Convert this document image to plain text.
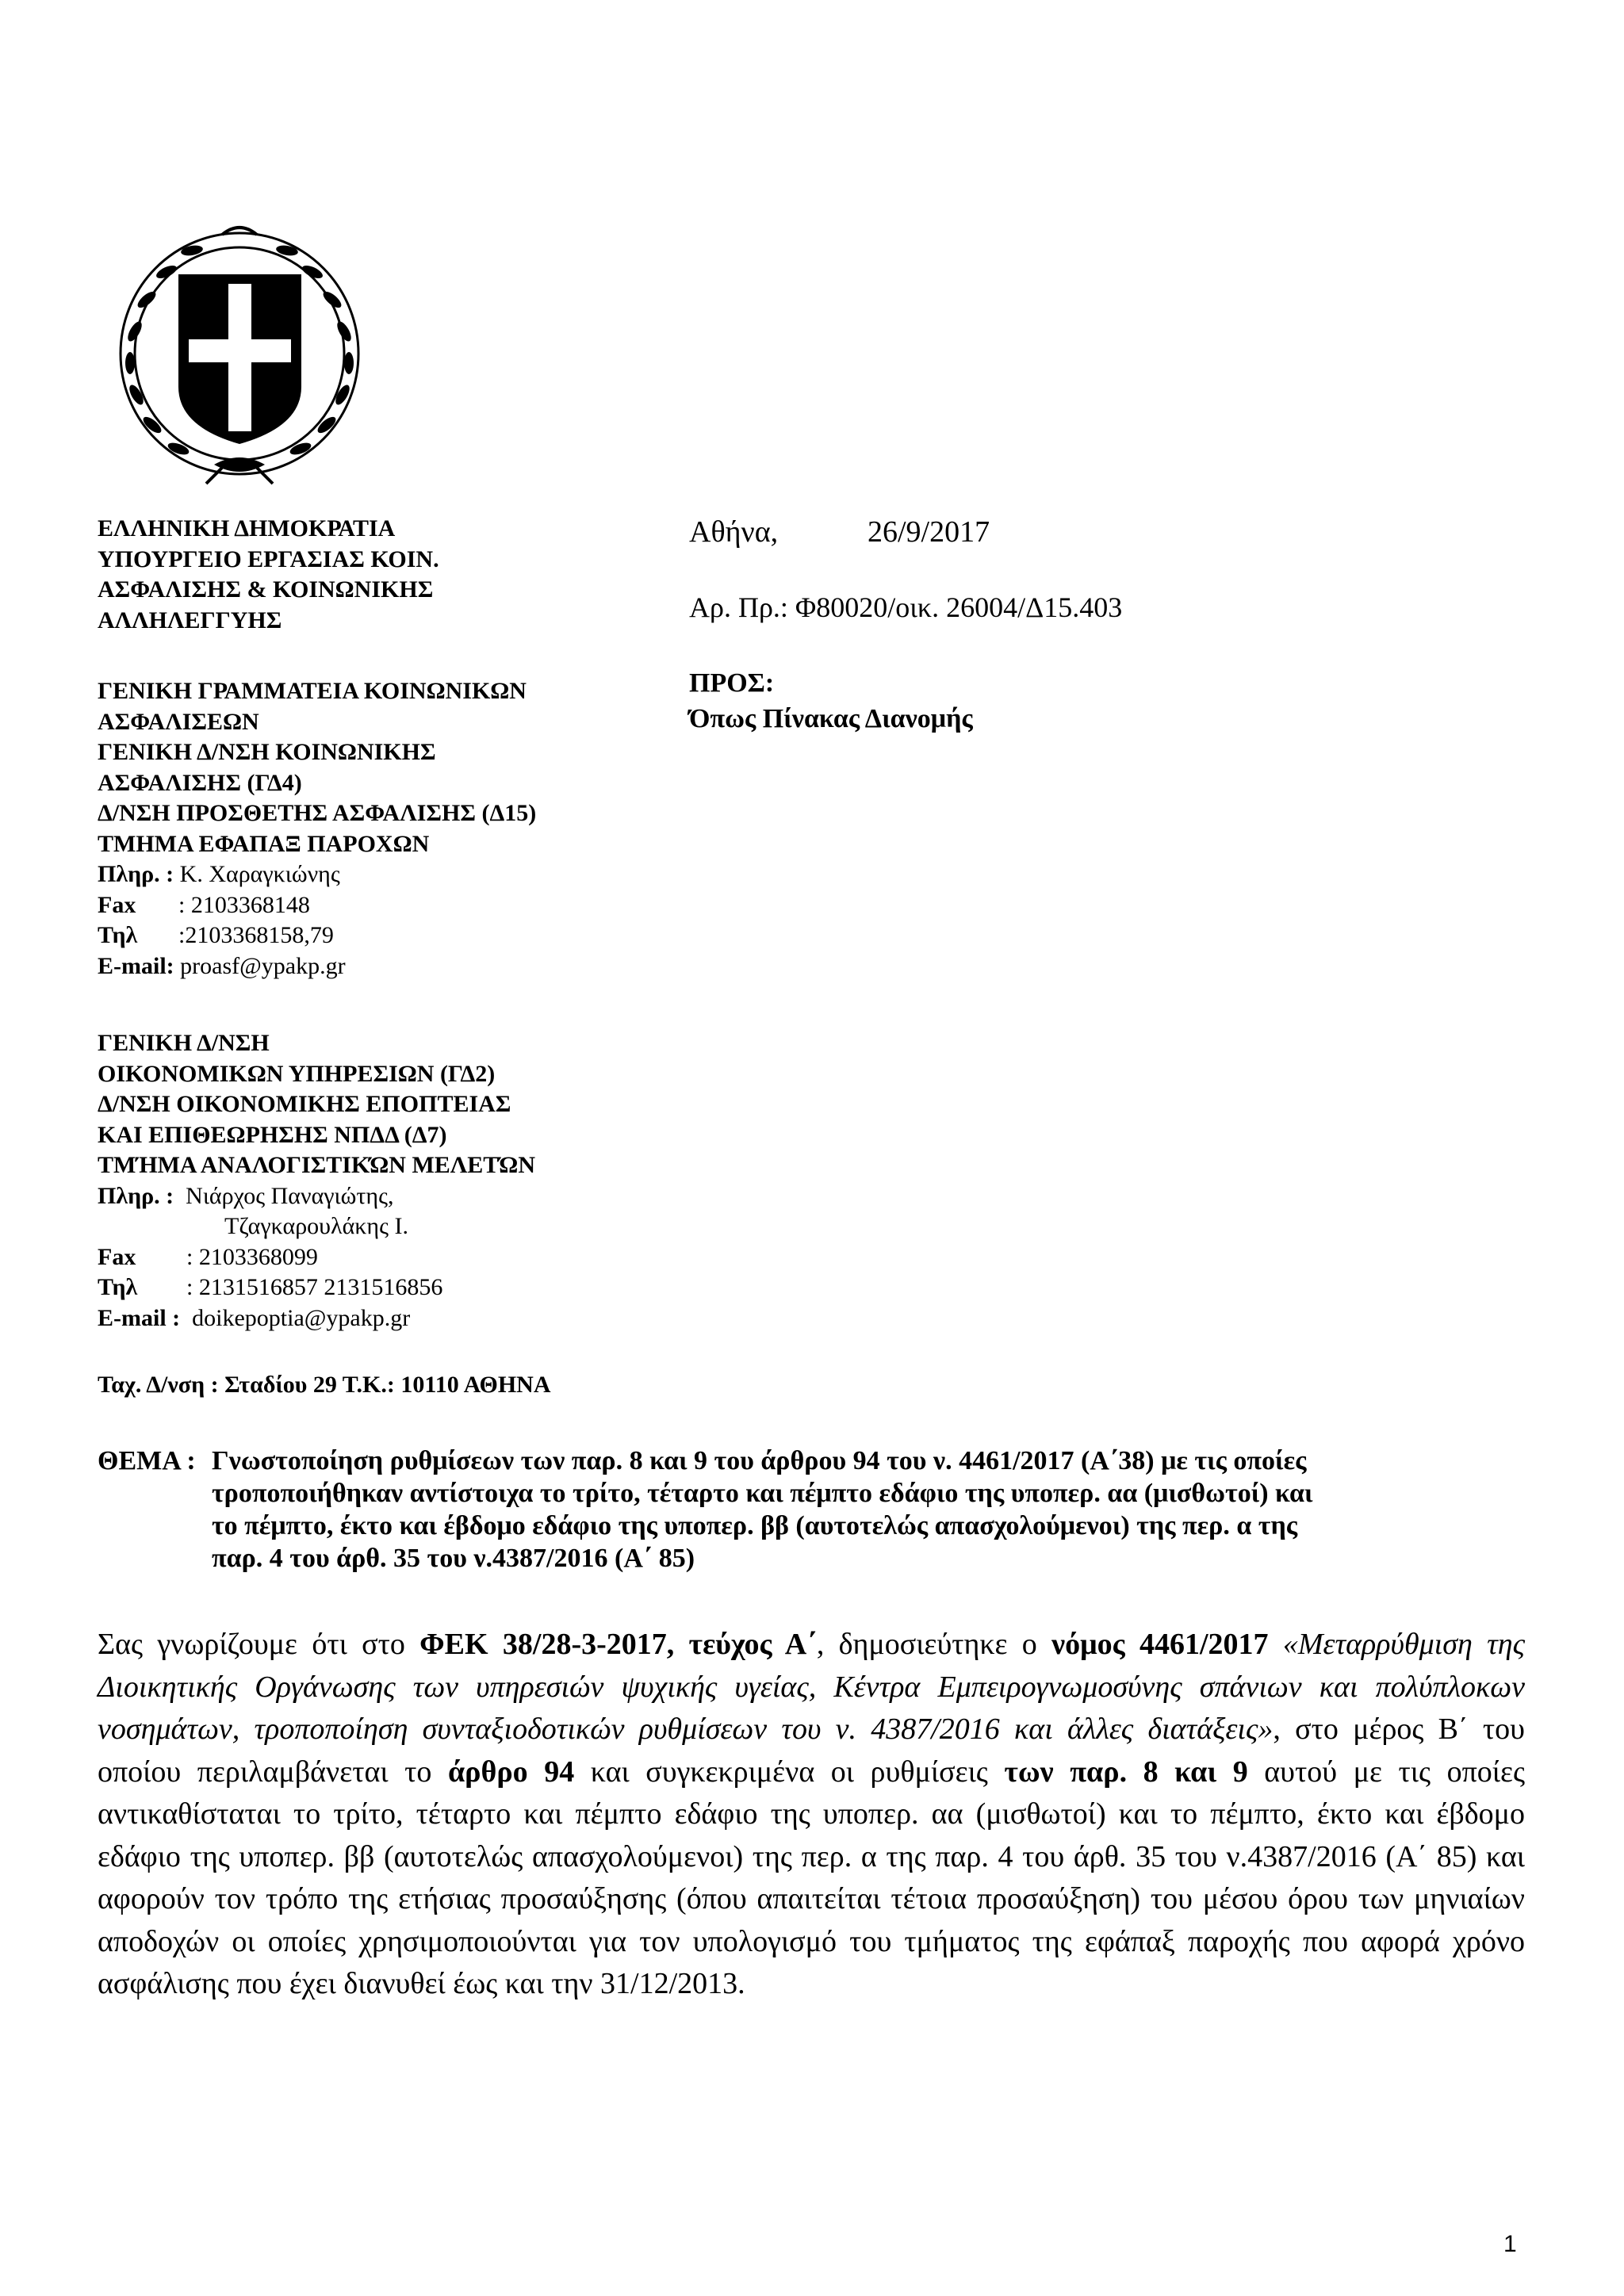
ΕΛΛΗΝΙΚΗ ΔΗΜΟΚΡΑΤΙΑ
ΥΠΟΥΡΓΕΙΟ ΕΡΓΑΣΙΑΣ ΚΟΙΝ.
ΑΣΦΑΛΙΣΗΣ & ΚΟΙΝΩΝΙΚΗΣ
ΑΛΛΗΛΕΓΓΥΗΣ
ΓΕΝΙΚΗ ΓΡΑΜΜΑΤΕΙΑ ΚΟΙΝΩΝΙΚΩΝ
ΑΣΦΑΛΙΣΕΩΝ
ΓΕΝΙΚΗ Δ/ΝΣΗ ΚΟΙΝΩΝΙΚΗΣ
ΑΣΦΑΛΙΣΗΣ (ΓΔ4)
Δ/ΝΣΗ ΠΡΟΣΘΕΤΗΣ ΑΣΦΑΛΙΣΗΣ (Δ15)
ΤΜΗΜΑ ΕΦΑΠΑΞ ΠΑΡΟΧΩΝ
Πληρ. :
Κ. Χαραγκιώνης
Fax	: 2103368148
Τηλ	:2103368158,79
E-mail:
proasf@ypakp.gr
ΓΕΝΙΚΗ Δ/ΝΣΗ
ΟΙΚΟΝΟΜΙΚΩΝ ΥΠΗΡΕΣΙΩΝ (ΓΔ2)
Δ/ΝΣΗ ΟΙΚΟΝΟΜΙΚΗΣ ΕΠΟΠΤΕΙΑΣ
ΚΑΙ ΕΠΙΘΕΩΡΗΣΗΣ ΝΠΔΔ (Δ7)
ΤΜΉΜΑ ΑΝΑΛΟΓΙΣΤΙΚΏΝ ΜΕΛΕΤΏΝ
Πληρ. :
Νιάρχος Παναγιώτης,
Τζαγκαρουλάκης Ι.
Fax	: 2103368099
Τηλ	: 2131516857 2131516856
E-mail :
doikepoptia@ypakp.gr
Ταχ. Δ/νση : Σταδίου 29 Τ.Κ.: 10110 ΑΘΗΝΑ
Αθήνα,	26/9/2017
Αρ. Πρ.: Φ80020/οικ. 26004/Δ15.403
ΠΡΟΣ:
Όπως Πίνακας Διανομής
ΘΕΜΑ : Γνωστοποίηση ρυθμίσεων των παρ. 8 και 9 του άρθρου 94 του ν. 4461/2017 (Α΄38) με τις οποίες
τροποποιήθηκαν αντίστοιχα το τρίτο, τέταρτο και πέμπτο εδάφιο της υποπερ. αα (μισθωτοί) και
το πέμπτο, έκτο και έβδομο εδάφιο της υποπερ. ββ (αυτοτελώς απασχολούμενοι) της περ. α της
παρ. 4 του άρθ. 35 του ν.4387/2016 (Α΄ 85)

Σας γνωρίζουμε ότι στο ΦΕΚ 38/28-3-2017, τεύχος Α΄, δημοσιεύτηκε ο νόμος 4461/2017 «Μεταρρύθμιση της Διοικητικής Οργάνωσης των υπηρεσιών ψυχικής υγείας, Κέντρα Εμπειρογνωμοσύνης σπάνιων και πολύπλοκων νοσημάτων, τροποποίηση συνταξιοδοτικών ρυθμίσεων του ν. 4387/2016 και άλλες διατάξεις», στο μέρος Β΄ του οποίου περιλαμβάνεται το άρθρο 94 και συγκεκριμένα οι ρυθμίσεις των παρ. 8 και 9 αυτού με τις οποίες αντικαθίσταται το τρίτο, τέταρτο και πέμπτο εδάφιο της υποπερ. αα (μισθωτοί) και το πέμπτο, έκτο και έβδομο εδάφιο της υποπερ. ββ (αυτοτελώς απασχολούμενοι) της περ. α της παρ. 4 του άρθ. 35 του ν.4387/2016 (Α΄ 85) και αφορούν τον τρόπο της ετήσιας προσαύξησης (όπου απαιτείται τέτοια προσαύξηση) του μέσου όρου των μηνιαίων αποδοχών οι οποίες χρησιμοποιούνται για τον υπολογισμό του τμήματος της εφάπαξ παροχής που αφορά χρόνο ασφάλισης που έχει διανυθεί έως και την 31/12/2013.

1
